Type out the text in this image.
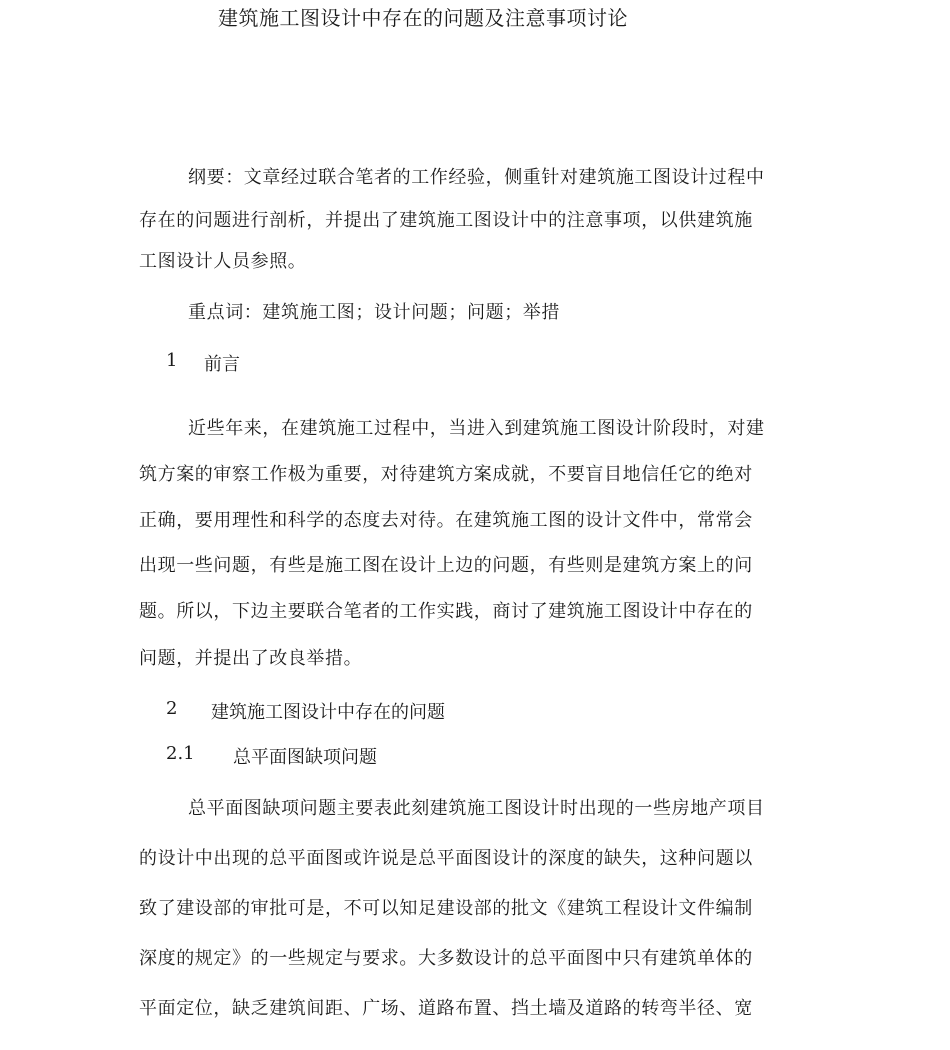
建筑施工图设计中存在的问题及注意事项讨论
纲要：文章经过联合笔者的工作经验，侧重针对建筑施工图设计过程中
存在的问题进行剖析，并提出了建筑施工图设计中的注意事项，以供建筑施
工图设计人员参照。
重点词：建筑施工图；设计问题；问题；举措
1 前言
近些年来，在建筑施工过程中，当进入到建筑施工图设计阶段时，对建
筑方案的审察工作极为重要，对待建筑方案成就，不要盲目地信任它的绝对
正确，要用理性和科学的态度去对待。在建筑施工图的设计文件中，常常会
出现一些问题，有些是施工图在设计上边的问题，有些则是建筑方案上的问
题。所以，下边主要联合笔者的工作实践，商讨了建筑施工图设计中存在的
问题，并提出了改良举措。
2 建筑施工图设计中存在的问题
2.1 总平面图缺项问题
总平面图缺项问题主要表此刻建筑施工图设计时出现的一些房地产项目
的设计中出现的总平面图或许说是总平面图设计的深度的缺失，这种问题以
致了建设部的审批可是，不可以知足建设部的批文《建筑工程设计文件编制
深度的规定》的一些规定与要求。大多数设计的总平面图中只有建筑单体的
平面定位，缺乏建筑间距、广场、道路布置、挡土墙及道路的转弯半径、宽
